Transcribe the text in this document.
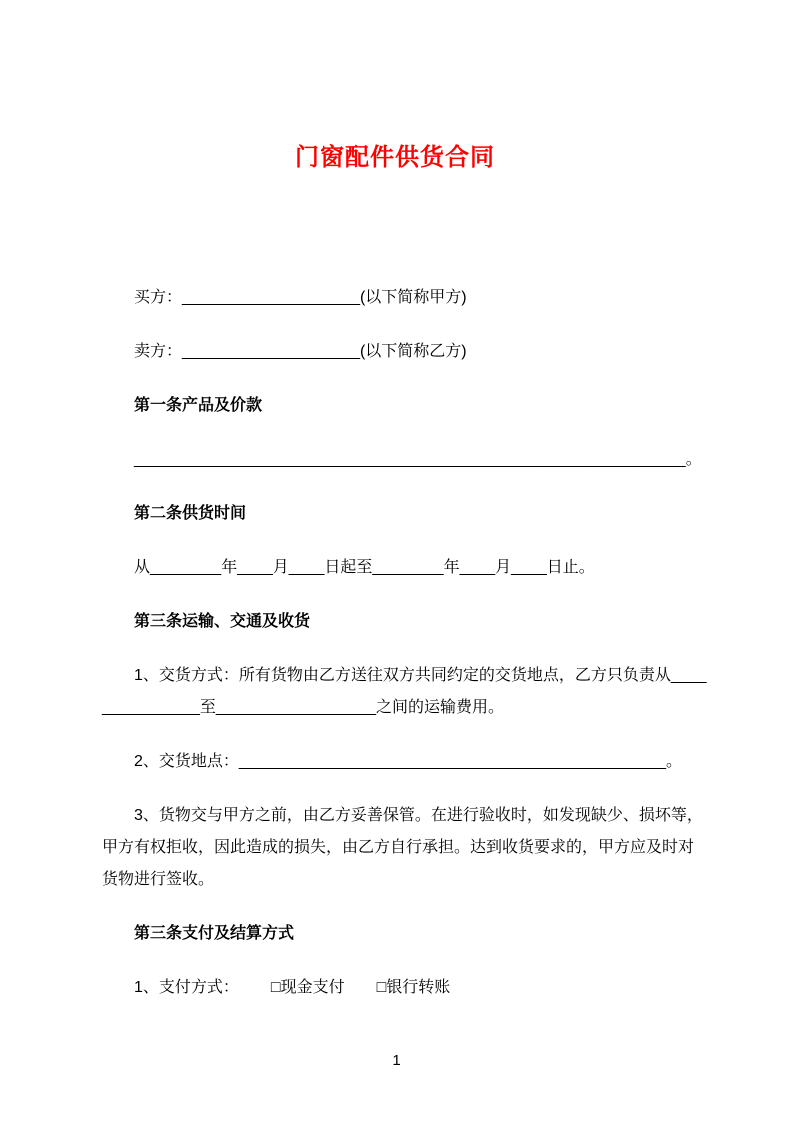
门窗配件供货合同
买方：____________________(以下简称甲方)
卖方：____________________(以下简称乙方)
第一条产品及价款
______________________________________________________________。
第二条供货时间
从________年____月____日起至________年____月____日止。
第三条运输、交通及收货
1、交货方式：所有货物由乙方送往双方共同约定的交货地点，乙方只负责从____
___________至__________________之间的运输费用。
2、交货地点：________________________________________________。
3、货物交与甲方之前，由乙方妥善保管。在进行验收时，如发现缺少、损坏等，
甲方有权拒收，因此造成的损失，由乙方自行承担。达到收货要求的，甲方应及时对
货物进行签收。
第三条支付及结算方式
1、支付方式： □现金支付 □银行转账
1
